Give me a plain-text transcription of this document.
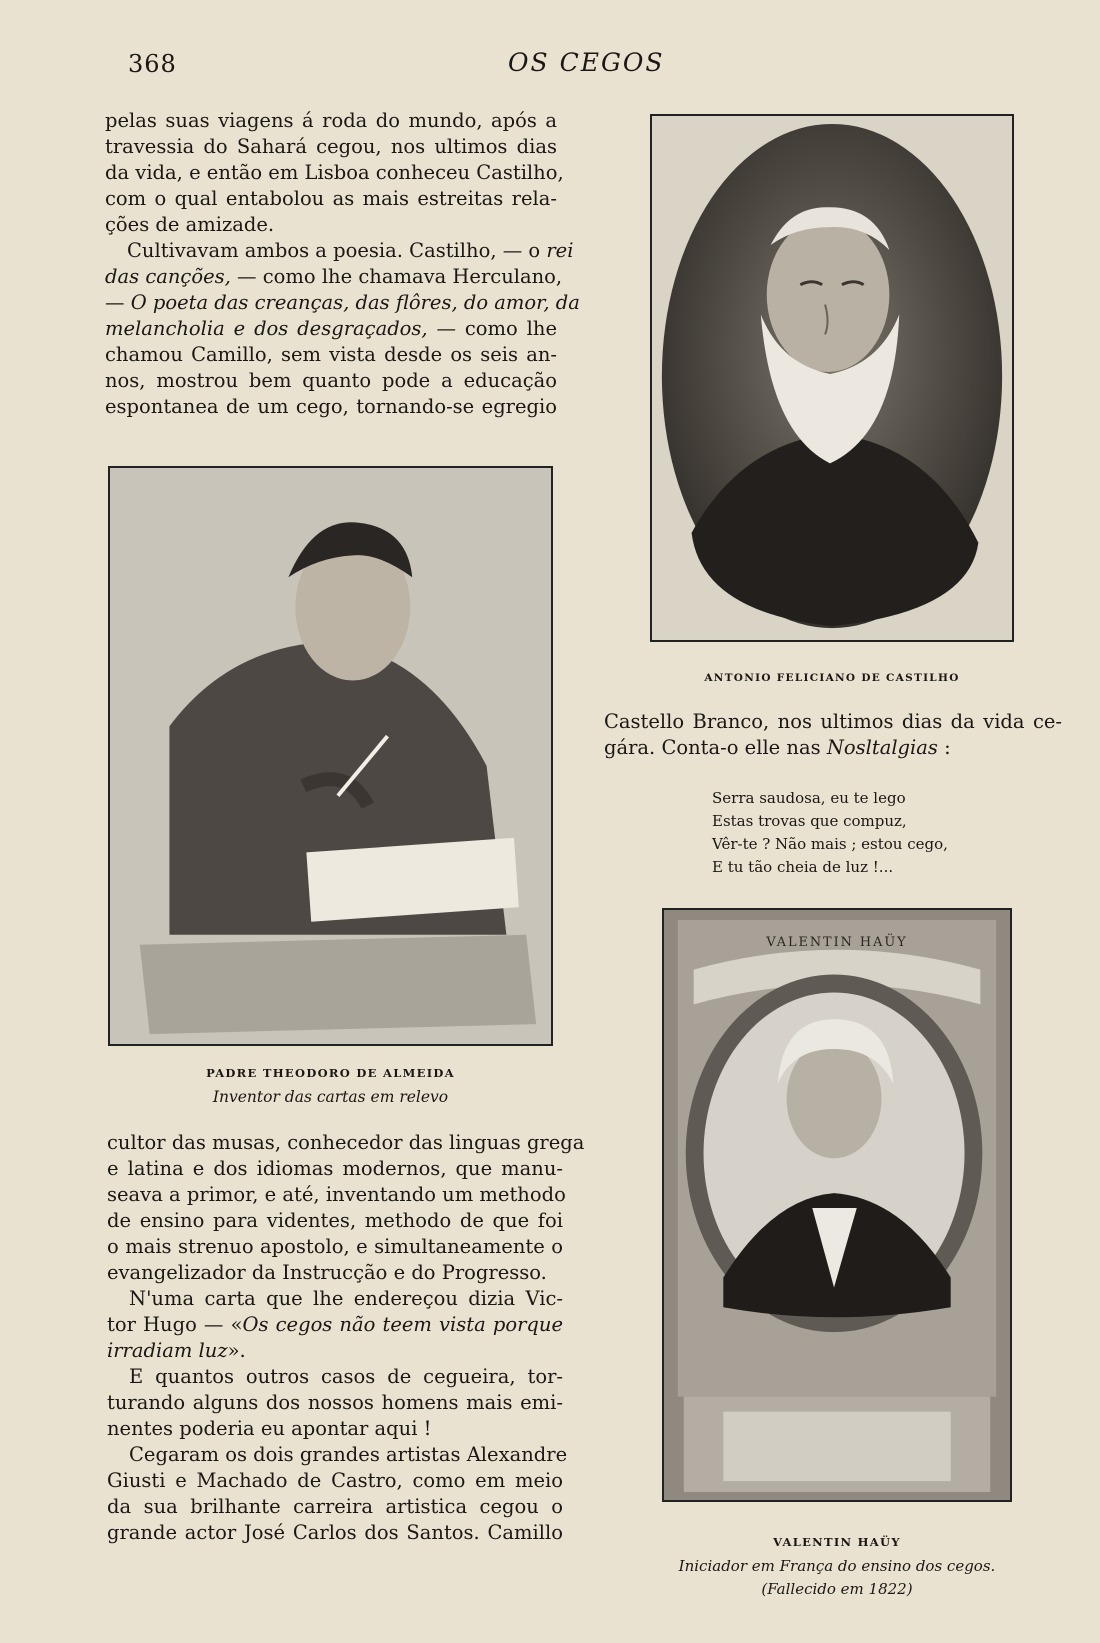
368	OS CEGOS
pelas suas viagens á roda do mundo, após a
travessia do Sahará cegou, nos ultimos dias
da vida, e então em Lisboa conheceu Castilho,
com o qual entabolou as mais estreitas rela-
ções de amizade.
Cultivavam ambos a poesia. Castilho, — o rei
das canções, — como lhe chamava Herculano,
— O poeta das creanças, das flôres, do amor, da
melancholia e dos desgraçados, — como lhe
chamou Camillo, sem vista desde os seis an-
nos, mostrou bem quanto pode a educação
espontanea de um cego, tornando-se egregio
ANTONIO FELICIANO DE CASTILHO
Castello Branco, nos ultimos dias da vida ce-
gára. Conta-o elle nas Nosltalgias :
Serra saudosa, eu te lego
Estas trovas que compuz,
Vêr-te ? Não mais ; estou cego,
E tu tão cheia de luz !...
PADRE THEODORO DE ALMEIDA
Inventor das cartas em relevo
cultor das musas, conhecedor das linguas grega
e latina e dos idiomas modernos, que manu-
seava a primor, e até, inventando um methodo
de ensino para videntes, methodo de que foi
o mais strenuo apostolo, e simultaneamente o
evangelizador da Instrucção e do Progresso.
N'uma carta que lhe endereçou dizia Vic-
tor Hugo — «Os cegos não teem vista porque
irradiam luz».
E quantos outros casos de cegueira, tor-
turando alguns dos nossos homens mais emi-
nentes poderia eu apontar aqui !
Cegaram os dois grandes artistas Alexandre
Giusti e Machado de Castro, como em meio
da sua brilhante carreira artistica cegou o
grande actor José Carlos dos Santos. Camillo
VALENTIN HAÜY
VALENTIN HAÜY
Iniciador em França do ensino dos cegos.
(Fallecido em 1822)
